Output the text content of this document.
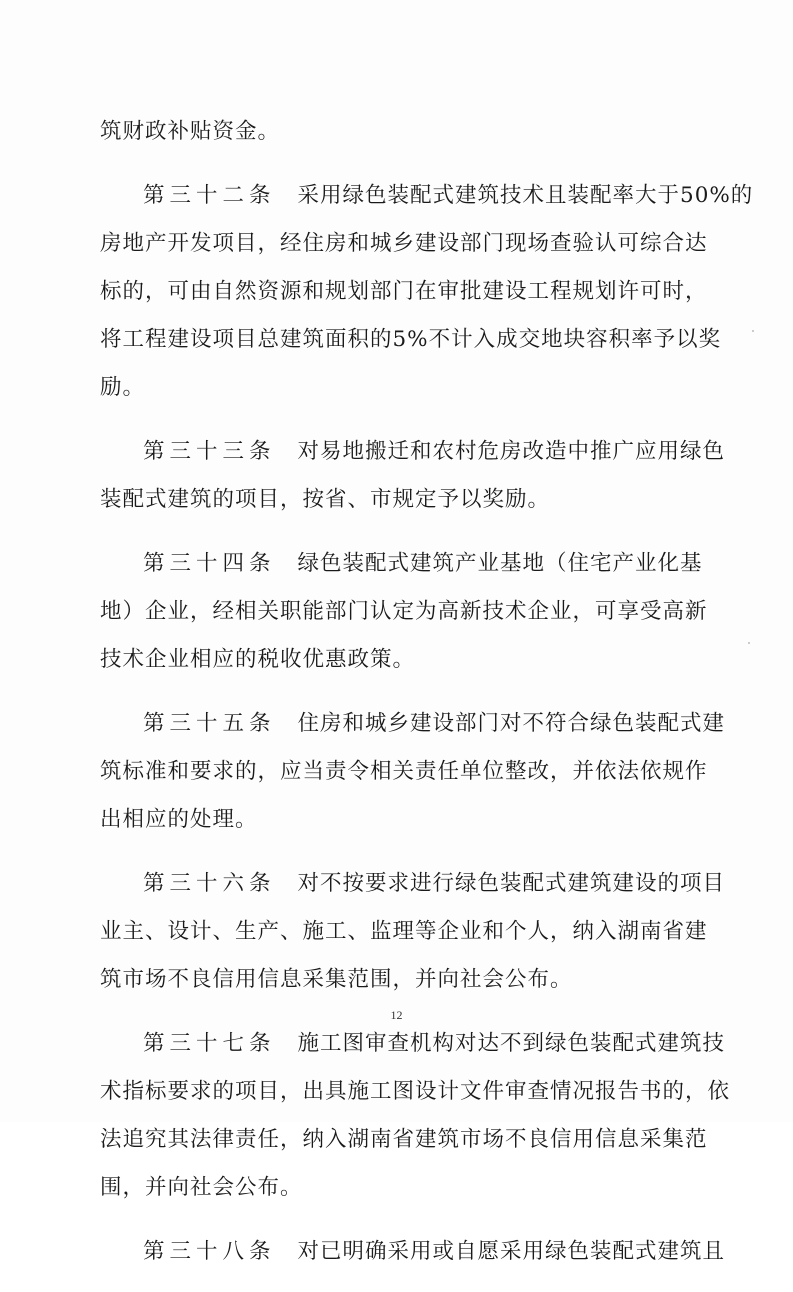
筑财政补贴资金。
第三十二条 采用绿色装配式建筑技术且装配率大于50%的
房地产开发项目，经住房和城乡建设部门现场查验认可综合达
标的，可由自然资源和规划部门在审批建设工程规划许可时，
将工程建设项目总建筑面积的5%不计入成交地块容积率予以奖
励。
第三十三条 对易地搬迁和农村危房改造中推广应用绿色
装配式建筑的项目，按省、市规定予以奖励。
第三十四条 绿色装配式建筑产业基地（住宅产业化基
地）企业，经相关职能部门认定为高新技术企业，可享受高新
技术企业相应的税收优惠政策。
第三十五条 住房和城乡建设部门对不符合绿色装配式建
筑标准和要求的，应当责令相关责任单位整改，并依法依规作
出相应的处理。
第三十六条 对不按要求进行绿色装配式建筑建设的项目
业主、设计、生产、施工、监理等企业和个人，纳入湖南省建
筑市场不良信用信息采集范围，并向社会公布。
第三十七条 施工图审查机构对达不到绿色装配式建筑技
术指标要求的项目，出具施工图设计文件审查情况报告书的，依
法追究其法律责任，纳入湖南省建筑市场不良信用信息采集范
围，并向社会公布。
第三十八条 对已明确采用或自愿采用绿色装配式建筑且
12
